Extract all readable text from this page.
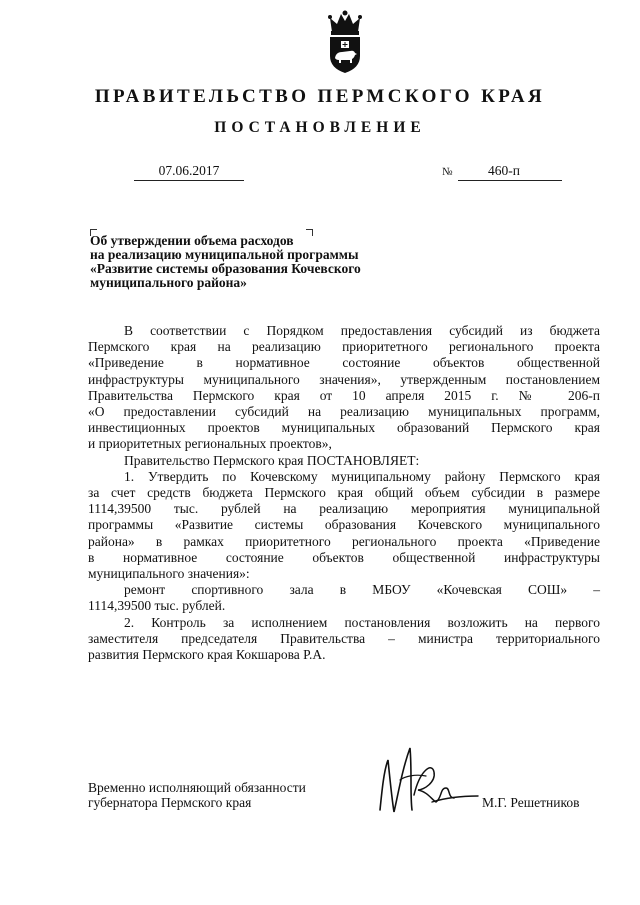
ПРАВИТЕЛЬСТВО ПЕРМСКОГО КРАЯ
ПОСТАНОВЛЕНИЕ
07.06.2017	№	460-п
Об утверждении объема расходов
на реализацию муниципальной программы
«Развитие системы образования Кочевского
муниципального района»

В соответствии с Порядком предоставления субсидий из бюджета

Пермского края на реализацию приоритетного регионального проекта

«Приведение в нормативное состояние объектов общественной

инфраструктуры муниципального значения», утвержденным постановлением

Правительства Пермского края от 10 апреля 2015 г. № 206-п

«О предоставлении субсидий на реализацию муниципальных программ,

инвестиционных проектов муниципальных образований Пермского края

и приоритетных региональных проектов»,

Правительство Пермского края ПОСТАНОВЛЯЕТ:

1. Утвердить по Кочевскому муниципальному району Пермского края

за счет средств бюджета Пермского края общий объем субсидии в размере

1114,39500 тыс. рублей на реализацию мероприятия муниципальной

программы «Развитие системы образования Кочевского муниципального

района» в рамках приоритетного регионального проекта «Приведение

в нормативное состояние объектов общественной инфраструктуры

муниципального значения»:

ремонт спортивного зала в МБОУ «Кочевская СОШ» –

1114,39500 тыс. рублей.

2. Контроль за исполнением постановления возложить на первого

заместителя председателя Правительства – министра территориального

развития Пермского края Кокшарова Р.А.

Временно исполняющий обязанности
губернатора Пермского края	М.Г. Решетников
